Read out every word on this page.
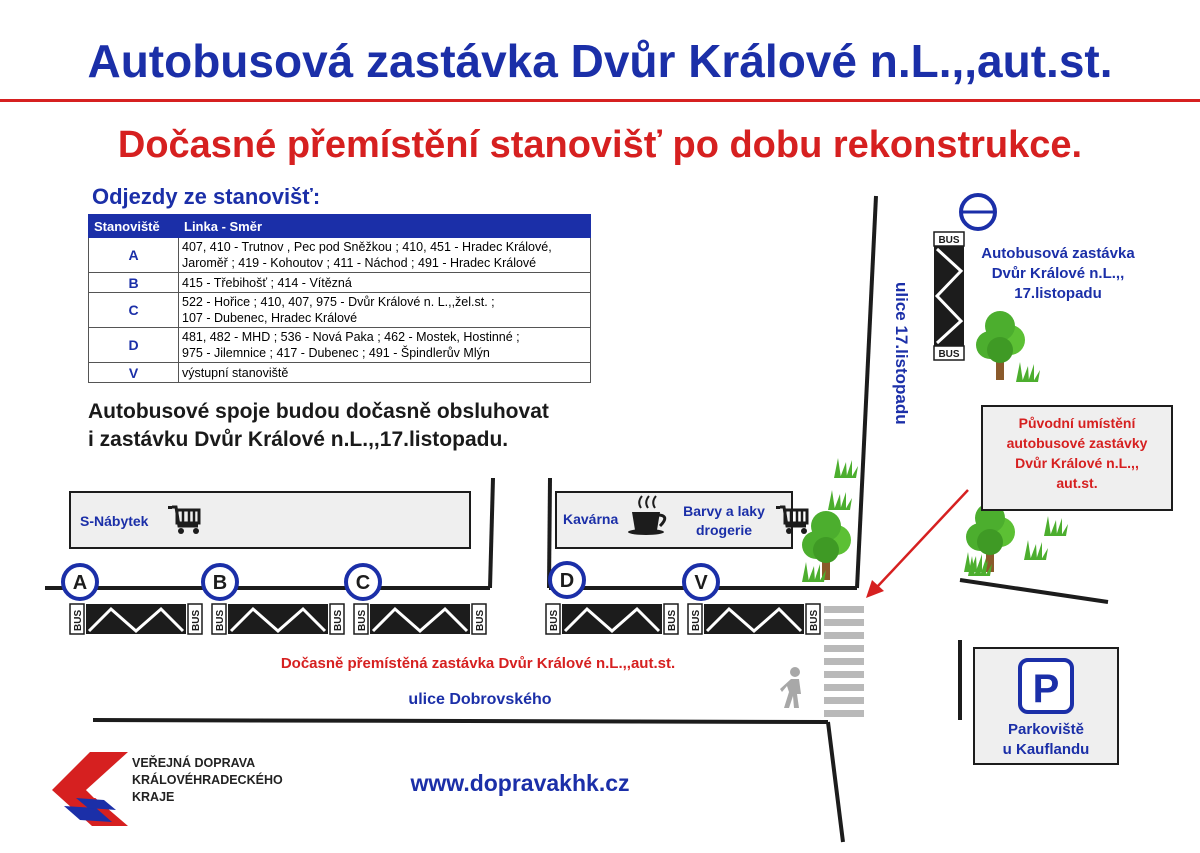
Autobusová zastávka Dvůr Králové n.L.,,aut.st.
Dočasné přemístění stanovišť po dobu rekonstrukce.
Odjezdy ze stanovišť:
Stanoviště	Linka - Směr
A	407, 410 - Trutnov , Pec pod Sněžkou ; 410, 451 - Hradec Králové,
Jaroměř ; 419 - Kohoutov ; 411 - Náchod ; 491 - Hradec Králové
B	415 - Třebihošť ; 414 - Vítězná
C	522 - Hořice ; 410, 407, 975 - Dvůr Králové n. L.,,žel.st. ;
107 - Dubenec, Hradec Králové
D	481, 482 - MHD ; 536 - Nová Paka ; 462 - Mostek, Hostinné ;
975 - Jilemnice ; 417 - Dubenec ; 491 - Špindlerův Mlýn
V	výstupní stanoviště
Autobusové spoje budou dočasně obsluhovat
i zastávku Dvůr Králové n.L.,,17.listopadu.
S-Nábytek	Kavárna	Barvy a laky
drogerie
A	B	C	D	V
BUS	BUS BUS	BUS BUS	BUS	BUS	BUS BUS	BUS
Dočasně přemístěná zastávka Dvůr Králové n.L.,,aut.st.
ulice Dobrovského
ulice 17.listopadu
BUS
BUS
Autobusová zastávka
Dvůr Králové n.L.,,
17.listopadu
Původní umístění
autobusové zastávky
Dvůr Králové n.L.,,
aut.st.
P
Parkoviště
u Kauflandu
VEŘEJNÁ DOPRAVA
KRÁLOVÉHRADECKÉHO
KRAJE
www.dopravakhk.cz
